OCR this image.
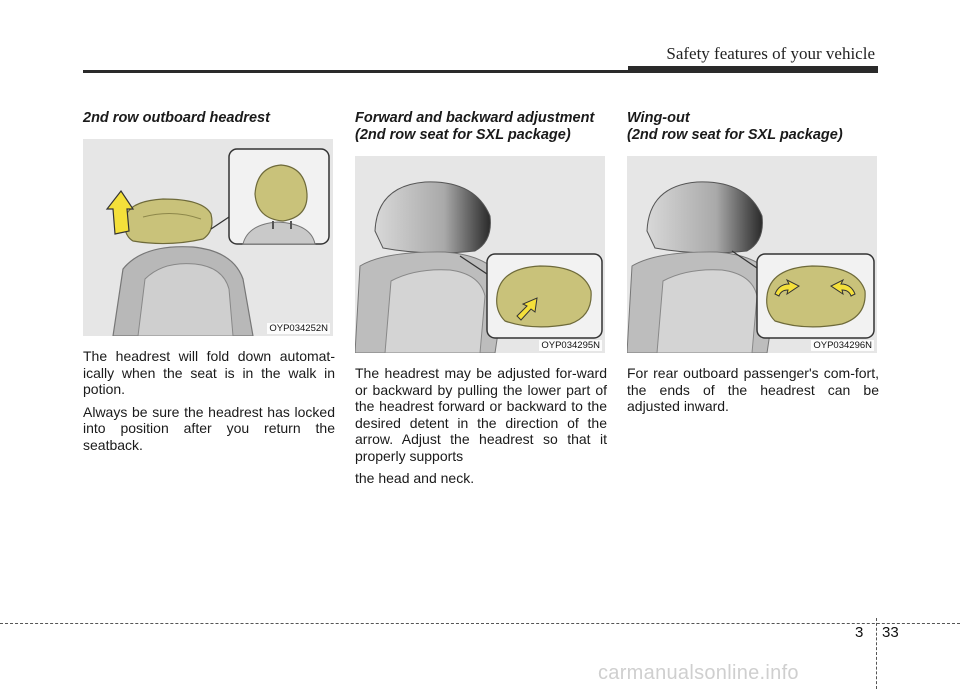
Safety features of your vehicle

2nd row outboard headrest

OYP034252N

The headrest will fold down automat-ically when the seat is in the walk in potion.

Always be sure the headrest has locked into position after you return the seatback.

Forward and backward adjustment
(2nd row seat for SXL package)

OYP034295N

The headrest may be adjusted for-ward or backward by pulling the lower part of the headrest forward or backward to the desired detent in the direction of the arrow. Adjust the headrest so that it properly supports

the head and neck.

Wing-out
(2nd row seat for SXL package)

OYP034296N

For rear outboard passenger's com-fort, the ends of the headrest can be adjusted inward.

3 33
carmanualsonline.info
